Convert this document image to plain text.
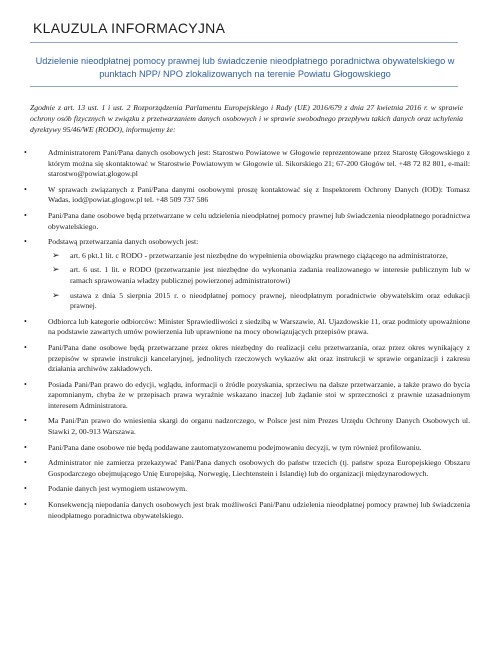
KLAUZULA INFORMACYJNA
Udzielenie nieodpłatnej pomocy prawnej lub świadczenie nieodpłatnego poradnictwa obywatelskiego w punktach NPP/ NPO zlokalizowanych na terenie Powiatu Głogowskiego
Zgodnie z art. 13 ust. 1 i ust. 2 Rozporządzenia Parlamentu Europejskiego i Rady (UE) 2016/679 z dnia 27 kwietnia 2016 r. w sprawie ochrony osób fizycznych w związku z przetwarzaniem danych osobowych i w sprawie swobodnego przepływu takich danych oraz uchylenia dyrektywy 95/46/WE (RODO), informujemy że:
•	Administratorem Pani/Pana danych osobowych jest: Starostwo Powiatowe w Głogowie reprezentowane przez Starostę Głogowskiego z którym można się skontaktować w Starostwie Powiatowym w Głogowie ul. Sikorskiego 21; 67-200 Głogów tel. +48 72 82 801, e-mail: starostwo@powiat.glogow.pl
•	W sprawach związanych z Pani/Pana danymi osobowymi proszę kontaktować się z Inspektorem Ochrony Danych (IOD): Tomasz Wadas, iod@powiat.glogow.pl tel. +48 509 737 586
•	Pani/Pana dane osobowe będą przetwarzane w celu udzielenia nieodpłatnej pomocy prawnej lub świadczenia nieodpłatnego poradnictwa obywatelskiego.
•	Podstawą przetwarzania danych osobowych jest:
➢ art. 6 pkt.1 lit. c RODO - przetwarzanie jest niezbędne do wypełnienia obowiązku prawnego ciążącego na administratorze,
➢ art. 6 ust. 1 lit. e RODO (przetwarzanie jest niezbędne do wykonania zadania realizowanego w interesie publicznym lub w ramach sprawowania władzy publicznej powierzonej administratorowi)
➢ ustawa z dnia 5 sierpnia 2015 r. o nieodpłatnej pomocy prawnej, nieodpłatnym poradnictwie obywatelskim oraz edukacji prawnej.
•	Odbiorca lub kategorie odbiorców: Minister Sprawiedliwości z siedzibą w Warszawie, Al. Ujazdowskie 11, oraz podmioty upoważnione na podstawie zawartych umów powierzenia lub uprawnione na mocy obowiązujących przepisów prawa.
•	Pani/Pana dane osobowe będą przetwarzane przez okres niezbędny do realizacji celu przetwarzania, oraz przez okres wynikający z przepisów w sprawie instrukcji kancelaryjnej, jednolitych rzeczowych wykazów akt oraz instrukcji w sprawie organizacji i zakresu działania archiwów zakładowych.
•	Posiada Pani/Pan prawo do edycji, wglądu, informacji o źródle pozyskania, sprzeciwu na dalsze przetwarzanie, a także prawo do bycia zapomnianym, chyba że w przepisach prawa wyraźnie wskazano inaczej lub żądanie stoi w sprzeczności z prawnie uzasadnionym interesem Administratora.
•	Ma Pani/Pan prawo do wniesienia skargi do organu nadzorczego, w Polsce jest nim Prezes Urzędu Ochrony Danych Osobowych ul. Stawki 2, 00-913 Warszawa.
•	Pani/Pana dane osobowe nie będą poddawane zautomatyzowanemu podejmowaniu decyzji, w tym również profilowaniu.
•	Administrator nie zamierza przekazywać Pani/Pana danych osobowych do państw trzecich (tj. państw spoza Europejskiego Obszaru Gospodarczego obejmującego Unię Europejską, Norwegię, Liechtenstein i Islandię) lub do organizacji międzynarodowych.
•	Podanie danych jest wymogiem ustawowym.
•	Konsekwencją niepodania danych osobowych jest brak możliwości Pani/Panu udzielenia nieodpłatnej pomocy prawnej lub świadczenia nieodpłatnego poradnictwa obywatelskiego.
